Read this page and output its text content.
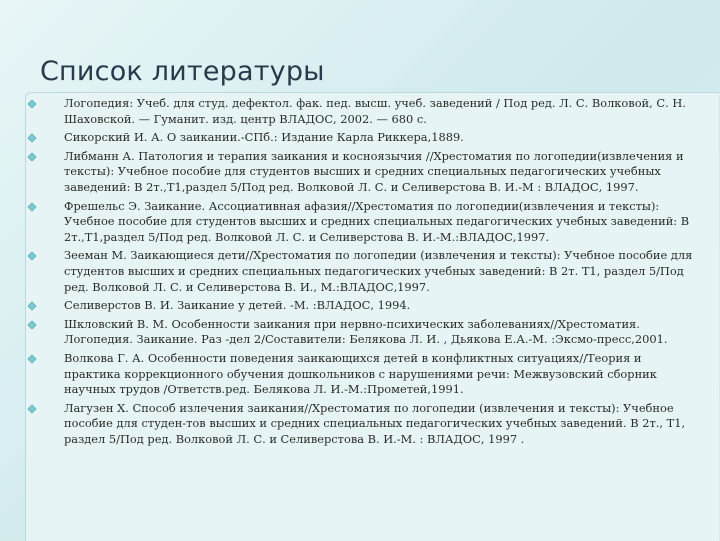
Список литературы
Логопедия: Учеб. для студ. дефектол. фак. пед. высш. учеб. заведений / Под ред. Л. С. Волковой, С. Н. Шаховской. — Гуманит. изд. центр ВЛАДОС, 2002. — 680 с.
Сикорский И. А. О заикании.-СПб.: Издание Карла Риккера,1889.
Либманн А. Патология и терапия заикания и косноязычия //Хрестоматия по логопедии(извлечения и тексты): Учебное пособие для студентов высших и средних специальных педагогических учебных заведений: В 2т.,Т1,раздел 5/Под ред. Волковой Л. С. и Селиверстова В. И.-М : ВЛАДОС, 1997.
Фрешельс Э. Заикание. Ассоциативная афазия//Хрестоматия по логопедии(извлечения и тексты): Учебное пособие для студентов высших и средних специальных педагогических учебных заведений: В 2т.,Т1,раздел 5/Под ред. Волковой Л. С. и Селиверстова В. И.-М.:ВЛАДОС,1997.
Зееман М. Заикающиеся дети//Хрестоматия по логопедии (извлечения и тексты): Учебное пособие для студентов высших и средних специальных педагогических учебных заведений: В 2т. Т1, раздел 5/Под ред. Волковой Л. С. и Селиверстова В. И., М.:ВЛАДОС,1997.
Селиверстов В. И. Заикание у детей. -М. :ВЛАДОС, 1994.
Шкловский В. М. Особенности заикания при нервно-психических заболеваниях//Хрестоматия. Логопедия. Заикание. Раз -дел 2/Составители: Белякова Л. И. , Дьякова Е.А.-М. :Эксмо-пресс,2001.
Волкова Г. А. Особенности поведения заикающихся детей в конфликтных ситуациях//Теория и практика коррекционного обучения дошкольников с нарушениями речи: Межвузовский сборник научных трудов /Ответств.ред. Белякова Л. И.-М.:Прометей,1991.
Лагузен Х. Способ излечения заикания//Хрестоматия по логопедии (извлечения и тексты): Учебное пособие для студен-тов высших и средних специальных педагогических учебных заведений. В 2т., Т1, раздел 5/Под ред. Волковой Л. С. и Селиверстова В. И.-М. : ВЛАДОС, 1997 .
